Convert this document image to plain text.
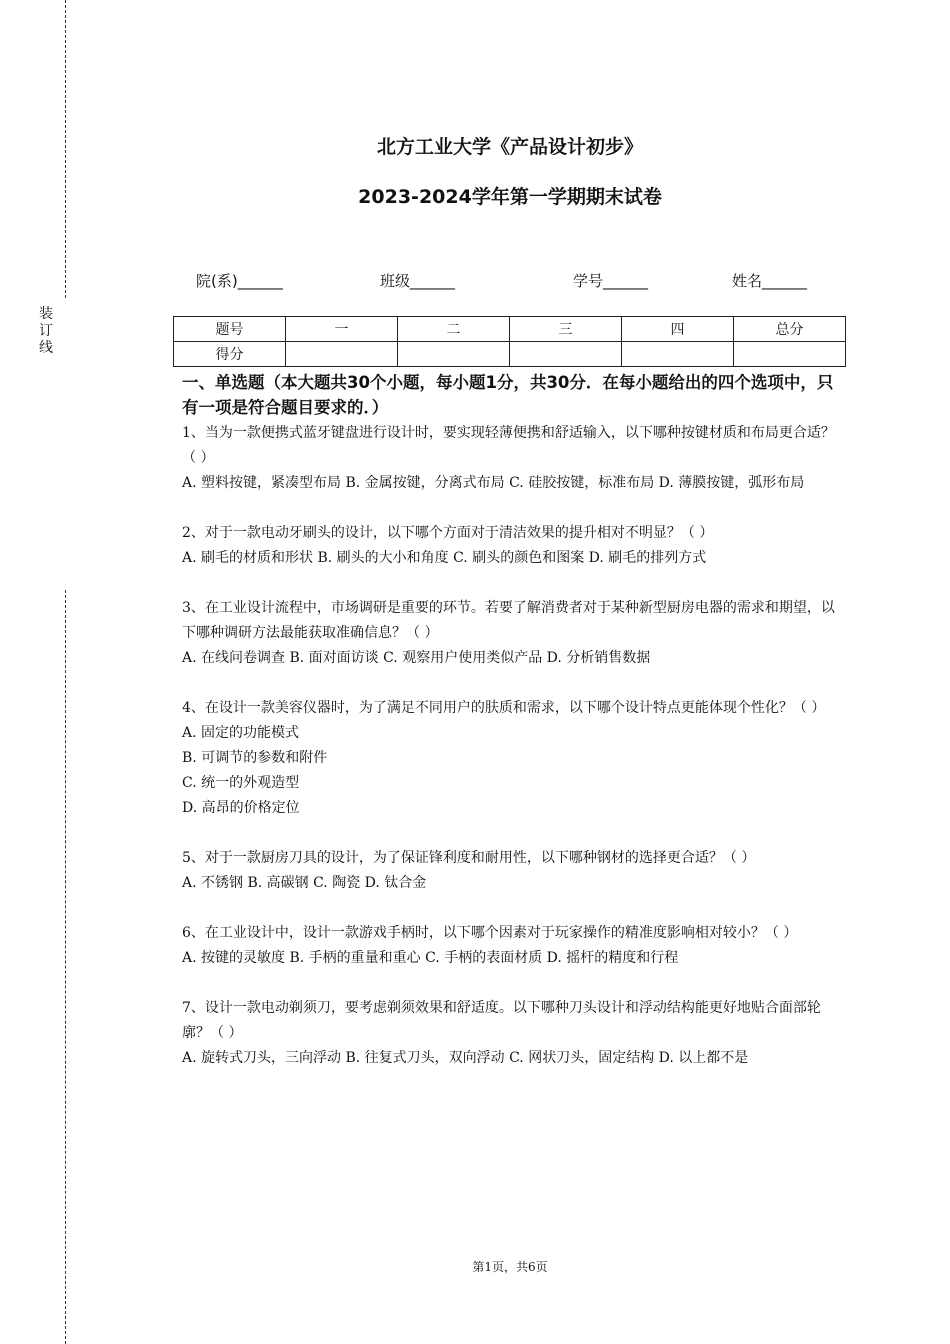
装订线
北方工业大学《产品设计初步》
2023-2024学年第一学期期末试卷
院(系)______	班级______	学号______	姓名______
题号	一	二	三	四	总分
得分					
一、单选题（本大题共30个小题，每小题1分，共30分．在每小题给出的四个选项中，只有一项是符合题目要求的．）

1、当为一款便携式蓝牙键盘进行设计时，要实现轻薄便携和舒适输入，以下哪种按键材质和布局更合适？（ ）

A. 塑料按键，紧凑型布局 B. 金属按键，分离式布局 C. 硅胶按键，标准布局 D. 薄膜按键，弧形布局

2、对于一款电动牙刷头的设计，以下哪个方面对于清洁效果的提升相对不明显？（ ）

A. 刷毛的材质和形状 B. 刷头的大小和角度 C. 刷头的颜色和图案 D. 刷毛的排列方式

3、在工业设计流程中，市场调研是重要的环节。若要了解消费者对于某种新型厨房电器的需求和期望，以下哪种调研方法最能获取准确信息？（ ）

A. 在线问卷调查 B. 面对面访谈 C. 观察用户使用类似产品 D. 分析销售数据

4、在设计一款美容仪器时，为了满足不同用户的肤质和需求，以下哪个设计特点更能体现个性化？（ ）

A. 固定的功能模式

B. 可调节的参数和附件

C. 统一的外观造型

D. 高昂的价格定位

5、对于一款厨房刀具的设计，为了保证锋利度和耐用性，以下哪种钢材的选择更合适？（ ）

A. 不锈钢 B. 高碳钢 C. 陶瓷 D. 钛合金

6、在工业设计中，设计一款游戏手柄时，以下哪个因素对于玩家操作的精准度影响相对较小？（ ）

A. 按键的灵敏度 B. 手柄的重量和重心 C. 手柄的表面材质 D. 摇杆的精度和行程

7、设计一款电动剃须刀，要考虑剃须效果和舒适度。以下哪种刀头设计和浮动结构能更好地贴合面部轮廓？（ ）

A. 旋转式刀头，三向浮动 B. 往复式刀头，双向浮动 C. 网状刀头，固定结构 D. 以上都不是

第1页，共6页
